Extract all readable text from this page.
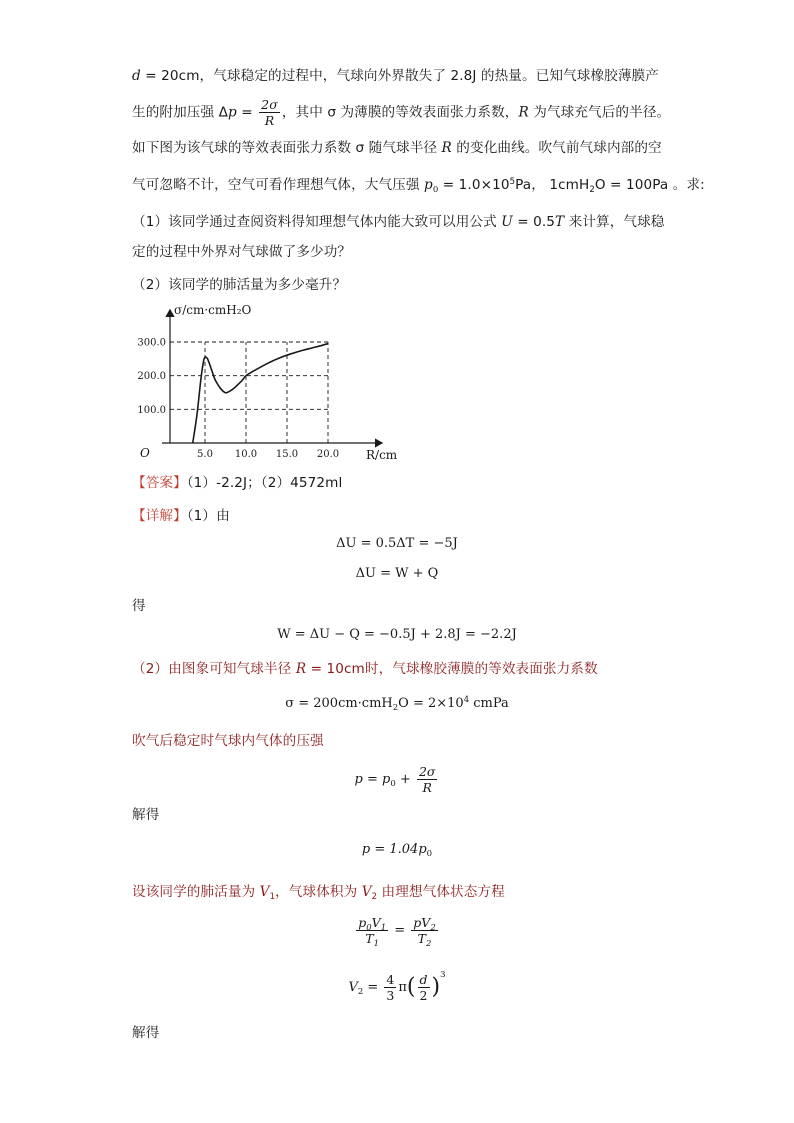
d = 20cm，气球稳定的过程中，气球向外界散失了 2.8J 的热量。已知气球橡胶薄膜产
生的附加压强 $\Delta p = \frac{2\sigma}{R}$ ，其中 σ 为薄膜的等效表面张力系数，R 为气球充气后的半径。
如下图为该气球的等效表面张力系数 σ 随气球半径 R 的变化曲线。吹气前气球内部的空
气可忽略不计，空气可看作理想气体，大气压强 $p_0 = 1.0\times 10^5Pa$， 1cmH$_2$O = 100Pa 。求:
（1）该同学通过查阅资料得知理想气体内能大致可以用公式 U = 0.5T 来计算，气球稳
定的过程中外界对气球做了多少功？
（2）该同学的肺活量为多少毫升？
100.0
200.0
300.0
5.0 10.0 15.0 20.0
σ/cm·cmH₂O
R/cm
O
【答案】（1）-2.2J；（2）4572ml
【详解】（1）由
ΔU = 0.5ΔT = −5J
ΔU = W + Q
得
W = ΔU − Q = −0.5J + 2.8J = −2.2J
（2）由图象可知气球半径 R = 10cm时，气球橡胶薄膜的等效表面张力系数
$\sigma = 200cm\cdot cmH_2O = 2\times 10^4$ cmPa
吹气后稳定时气球内气体的压强
$p = p_0 + \frac{2\sigma}{R}$
解得
$p = 1.04p_0$
设该同学的肺活量为 $V_1$，气球体积为 $V_2$ 由理想气体状态方程
$\frac{p_0V_1}{T_1} = \frac{pV_2}{T_2}$
$V_2 = \frac{4}{3} \pi( \frac{d}{2} )^3$
解得
